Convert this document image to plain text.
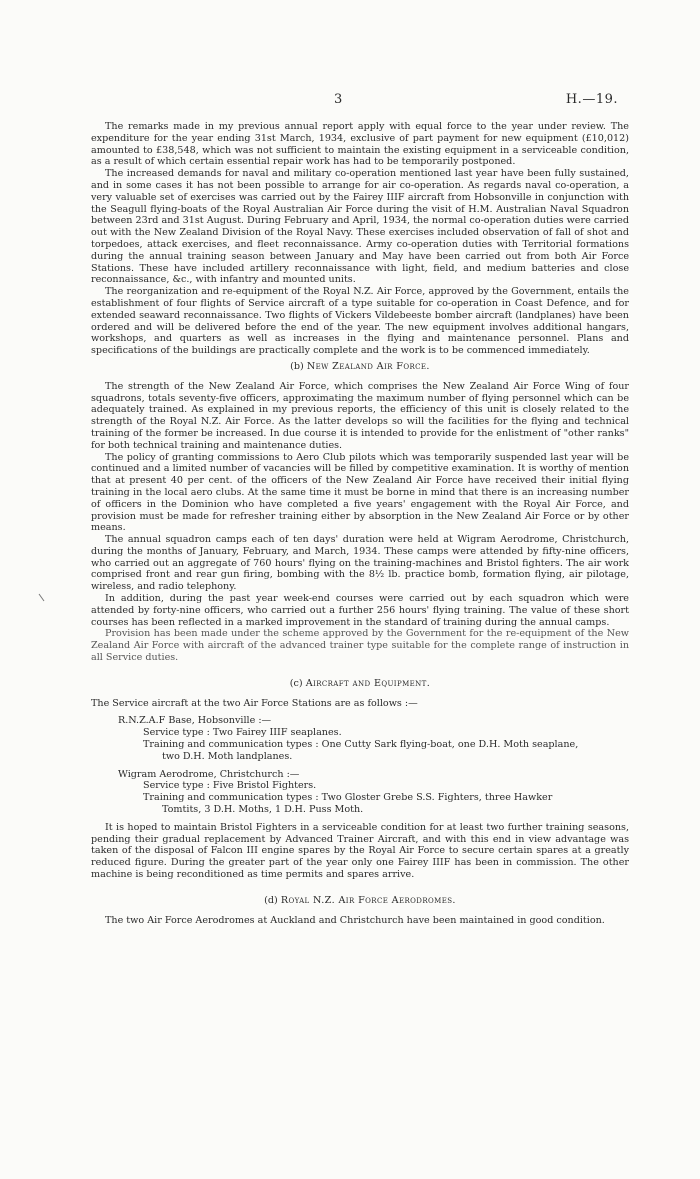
3	H.—19.

The remarks made in my previous annual report apply with equal force to the year under review. The expenditure for the year ending 31st March, 1934, exclusive of part payment for new equipment (£10,012) amounted to £38,548, which was not sufficient to maintain the existing equipment in a serviceable condition, as a result of which certain essential repair work has had to be temporarily postponed.

The increased demands for naval and military co-operation mentioned last year have been fully sustained, and in some cases it has not been possible to arrange for air co-operation. As regards naval co-operation, a very valuable set of exercises was carried out by the Fairey IIIF aircraft from Hobsonville in conjunction with the Seagull flying-boats of the Royal Australian Air Force during the visit of H.M. Australian Naval Squadron between 23rd and 31st August. During February and April, 1934, the normal co-operation duties were carried out with the New Zealand Division of the Royal Navy. These exercises included observation of fall of shot and torpedoes, attack exercises, and fleet reconnaissance. Army co-operation duties with Territorial formations during the annual training season between January and May have been carried out from both Air Force Stations. These have included artillery reconnaissance with light, field, and medium batteries and close reconnaissance, &c., with infantry and mounted units.

The reorganization and re-equipment of the Royal N.Z. Air Force, approved by the Government, entails the establishment of four flights of Service aircraft of a type suitable for co-operation in Coast Defence, and for extended seaward reconnaissance. Two flights of Vickers Vildebeeste bomber aircraft (landplanes) have been ordered and will be delivered before the end of the year. The new equipment involves additional hangars, workshops, and quarters as well as increases in the flying and maintenance personnel. Plans and specifications of the buildings are practically complete and the work is to be commenced immediately.

(b) New Zealand Air Force.

The strength of the New Zealand Air Force, which comprises the New Zealand Air Force Wing of four squadrons, totals seventy-five officers, approximating the maximum number of flying personnel which can be adequately trained. As explained in my previous reports, the efficiency of this unit is closely related to the strength of the Royal N.Z. Air Force. As the latter develops so will the facilities for the flying and technical training of the former be increased. In due course it is intended to provide for the enlistment of "other ranks" for both technical training and maintenance duties.

The policy of granting commissions to Aero Club pilots which was temporarily suspended last year will be continued and a limited number of vacancies will be filled by competitive examination. It is worthy of mention that at present 40 per cent. of the officers of the New Zealand Air Force have received their initial flying training in the local aero clubs. At the same time it must be borne in mind that there is an increasing number of officers in the Dominion who have completed a five years' engagement with the Royal Air Force, and provision must be made for refresher training either by absorption in the New Zealand Air Force or by other means.

The annual squadron camps each of ten days' duration were held at Wigram Aerodrome, Christchurch, during the months of January, February, and March, 1934. These camps were attended by fifty-nine officers, who carried out an aggregate of 760 hours' flying on the training-machines and Bristol fighters. The air work comprised front and rear gun firing, bombing with the 8½ lb. practice bomb, formation flying, air pilotage, wireless, and radio telephony.

In addition, during the past year week-end courses were carried out by each squadron which were attended by forty-nine officers, who carried out a further 256 hours' flying training. The value of these short courses has been reflected in a marked improvement in the standard of training during the annual camps.

Provision has been made under the scheme approved by the Government for the re-equipment of the New Zealand Air Force with aircraft of the advanced trainer type suitable for the complete range of instruction in all Service duties.

(c) Aircraft and Equipment.

The Service aircraft at the two Air Force Stations are as follows :—

R.N.Z.A.F Base, Hobsonville :—
Service type : Two Fairey IIIF seaplanes.
Training and communication types : One Cutty Sark flying-boat, one D.H. Moth seaplane,
two D.H. Moth landplanes.
Wigram Aerodrome, Christchurch :—
Service type : Five Bristol Fighters.
Training and communication types : Two Gloster Grebe S.S. Fighters, three Hawker
Tomtits, 3 D.H. Moths, 1 D.H. Puss Moth.

It is hoped to maintain Bristol Fighters in a serviceable condition for at least two further training seasons, pending their gradual replacement by Advanced Trainer Aircraft, and with this end in view advantage was taken of the disposal of Falcon III engine spares by the Royal Air Force to secure certain spares at a greatly reduced figure. During the greater part of the year only one Fairey IIIF has been in commission. The other machine is being reconditioned as time permits and spares arrive.

(d) Royal N.Z. Air Force Aerodromes.

The two Air Force Aerodromes at Auckland and Christchurch have been maintained in good condition.
